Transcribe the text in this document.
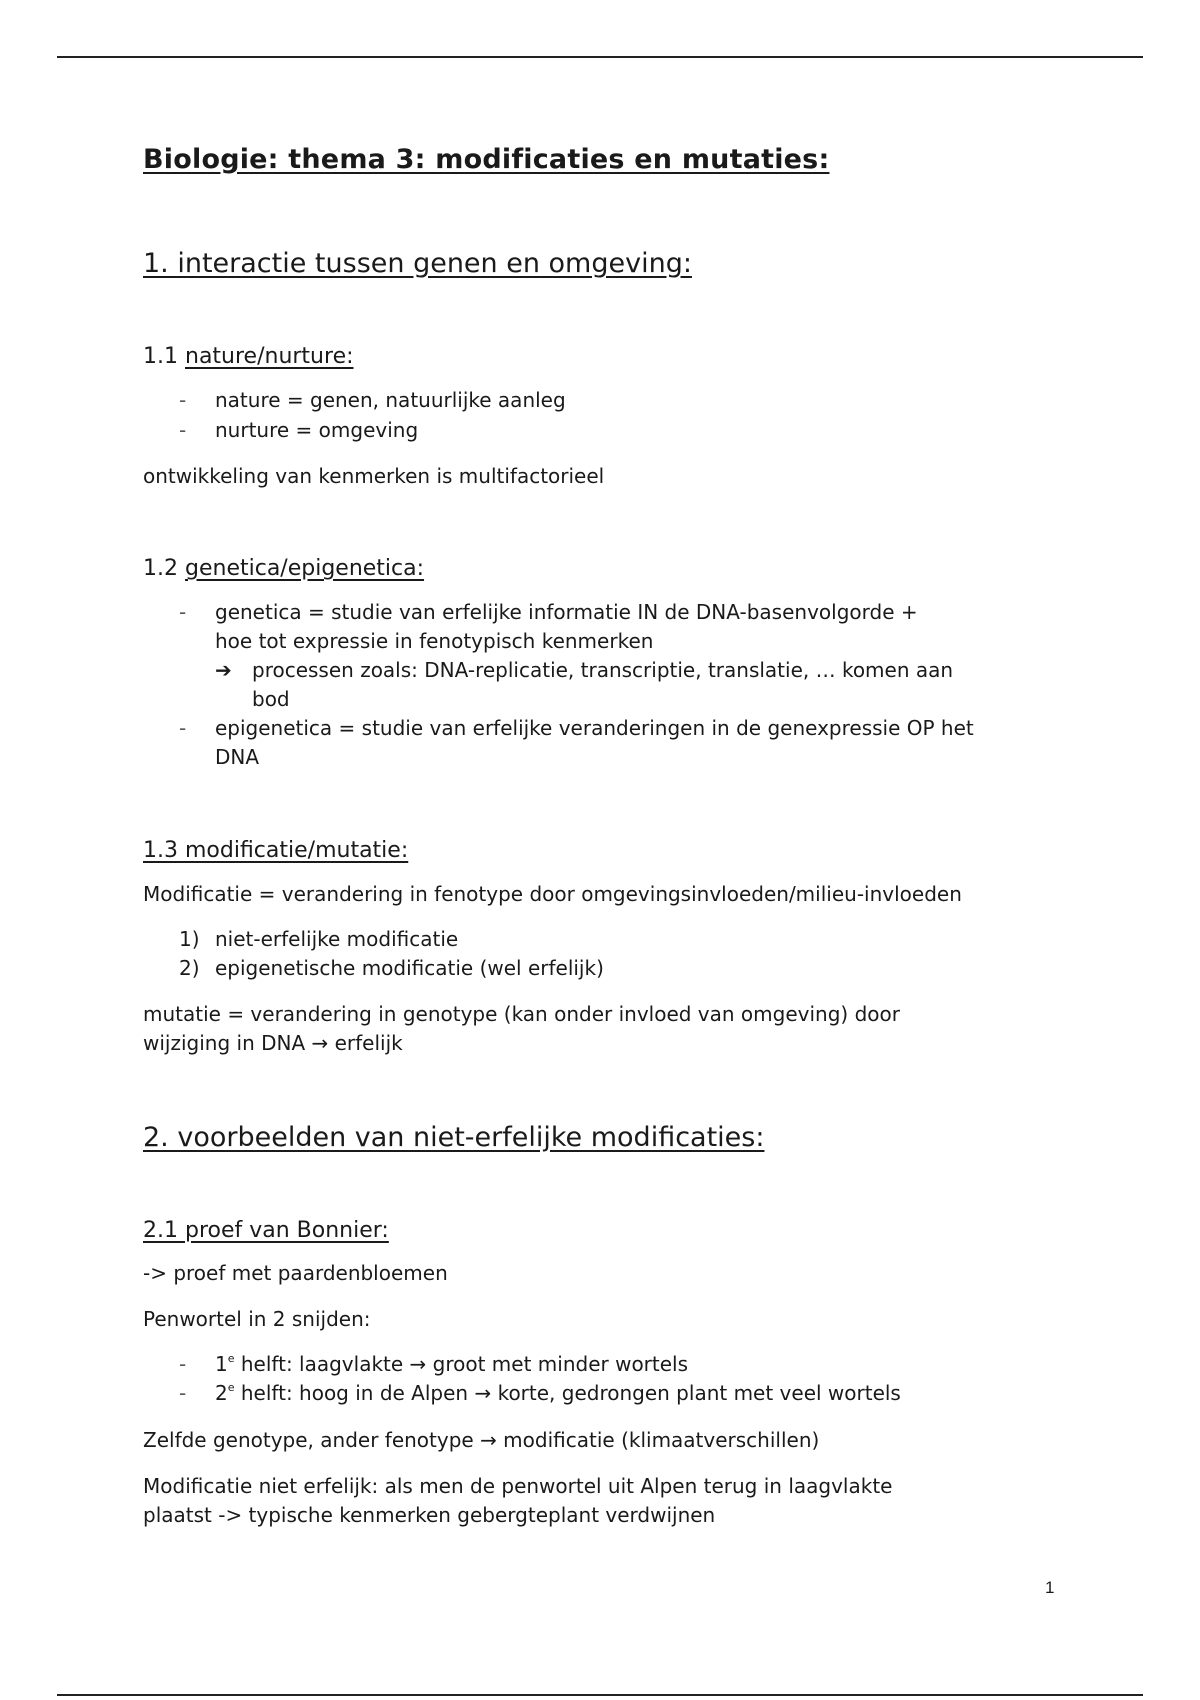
Biologie: thema 3: modificaties en mutaties:
1. interactie tussen genen en omgeving:
1.1 nature/nurture:
- nature = genen, natuurlijke aanleg
- nurture = omgeving
ontwikkeling van kenmerken is multifactorieel
1.2 genetica/epigenetica:
- genetica = studie van erfelijke informatie IN de DNA-basenvolgorde +
hoe tot expressie in fenotypisch kenmerken
➔ processen zoals: DNA-replicatie, transcriptie, translatie, … komen aan
bod
- epigenetica = studie van erfelijke veranderingen in de genexpressie OP het
DNA
1.3 modificatie/mutatie:
Modificatie = verandering in fenotype door omgevingsinvloeden/milieu-invloeden
1) niet-erfelijke modificatie
2) epigenetische modificatie (wel erfelijk)
mutatie = verandering in genotype (kan onder invloed van omgeving) door
wijziging in DNA → erfelijk
2. voorbeelden van niet-erfelijke modificaties:
2.1 proef van Bonnier:
-> proef met paardenbloemen
Penwortel in 2 snijden:
- 1e helft: laagvlakte → groot met minder wortels
- 2e helft: hoog in de Alpen → korte, gedrongen plant met veel wortels
Zelfde genotype, ander fenotype → modificatie (klimaatverschillen)
Modificatie niet erfelijk: als men de penwortel uit Alpen terug in laagvlakte
plaatst -> typische kenmerken gebergteplant verdwijnen
1
